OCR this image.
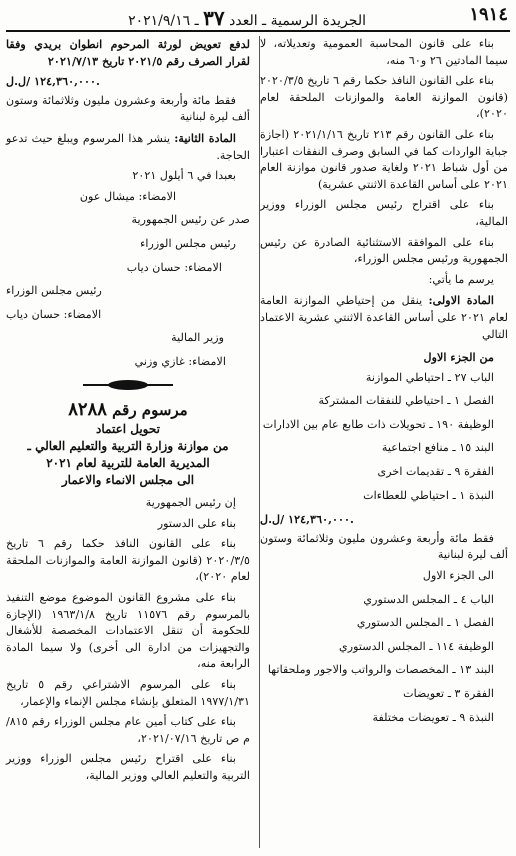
١٩١٤
الجريدة الرسمية ـ العدد ٣٧ ـ ٢٠٢١/٩/١٦

بناء على قانون المحاسبة العمومية وتعديلاته، لا سيما المادتين ٢٦ و٦٠ منه،

بناء على القانون النافذ حكما رقم ٦ تاريخ ٢٠٢٠/٣/٥ (قانون الموازنة العامة والموازنات الملحقة لعام ٢٠٢٠)،

بناء على القانون رقم ٢١٣ تاريخ ٢٠٢١/١/١٦ (اجازة جباية الواردات كما في السابق وصرف النفقات اعتبارا من أول شباط ٢٠٢١ ولغاية صدور قانون موازنة العام ٢٠٢١ على أساس القاعدة الاثنتي عشرية)

بناء على اقتراح رئيس مجلس الوزراء ووزير المالية،

بناء على الموافقة الاستثنائية الصادرة عن رئيس الجمهورية ورئيس مجلس الوزراء،

يرسم ما يأتي:

المادة الاولى: ينقل من إحتياطي الموازنة العامة لعام ٢٠٢١ على أساس القاعدة الاثنتي عشرية الاعتماد التالي

من الجزء الاول

الباب ٢٧ ـ احتياطي الموازنة

الفصل ١ ـ احتياطي للنفقات المشتركة

الوظيفة ١٩٠ ـ تحويلات ذات طابع عام بين الادارات

البند ١٥ ـ منافع اجتماعية

الفقرة ٩ ـ تقديمات اخرى

النبذة ١ ـ احتياطي للعطاءات

١٢٤,٣٦٠,٠٠٠ /ل.ل.

فقط مائة وأربعة وعشرون مليون وثلاثمائة وستون ألف ليرة لبنانية

الى الجزء الاول

الباب ٤ ـ المجلس الدستوري

الفصل ١ ـ المجلس الدستوري

الوظيفة ١١٤ ـ المجلس الدستوري

البند ١٣ ـ المخصصات والرواتب والاجور وملحقاتها

الفقرة ٣ ـ تعويضات

النبذة ٩ ـ تعويضات مختلفة

لدفع تعويض لورثة المرحوم انطوان بريدي وفقا لقرار الصرف رقم ٢٠٢١/٥ تاريخ ٢٠٢١/٧/١٣

١٢٤,٣٦٠,٠٠٠ /ل.ل.

فقط مائة وأربعة وعشرون مليون وثلاثمائة وستون ألف ليرة لبنانية

المادة الثانية: ينشر هذا المرسوم ويبلغ حيث تدعو الحاجة.

بعبدا في ٦ أيلول ٢٠٢١

الامضاء: ميشال عون

صدر عن رئيس الجمهورية

رئيس مجلس الوزراء

الامضاء: حسان دياب

رئيس مجلس الوزراء

الامضاء: حسان دياب

وزير المالية

الامضاء: غازي وزني

مرسوم رقم ٨٢٨٨

تحويل اعتماد

من موازنة وزارة التربية والتعليم العالي ـ المديرية العامة للتربية لعام ٢٠٢١

الى مجلس الانماء والاعمار

إن رئيس الجمهورية

بناء على الدستور

بناء على القانون النافذ حكما رقم ٦ تاريخ ٢٠٢٠/٣/٥ (قانون الموازنة العامة والموازنات الملحقة لعام ٢٠٢٠)،

بناء على مشروع القانون الموضوع موضع التنفيذ بالمرسوم رقم ١١٥٧٦ تاريخ ١٩٦٣/١/٨ (الإجازة للحكومة أن تنقل الاعتمادات المخصصة للأشغال والتجهيزات من ادارة الى أخرى) ولا سيما المادة الرابعة منه،

بناء على المرسوم الاشتراعي رقم ٥ تاريخ ١٩٧٧/١/٣١ المتعلق بإنشاء مجلس الإنماء والإعمار،

بناء على كتاب أمين عام مجلس الوزراء رقم ٨١٥/م ص تاريخ ٢٠٢١/٠٧/١٦،

بناء على اقتراح رئيس مجلس الوزراء ووزير التربية والتعليم العالي ووزير المالية،
